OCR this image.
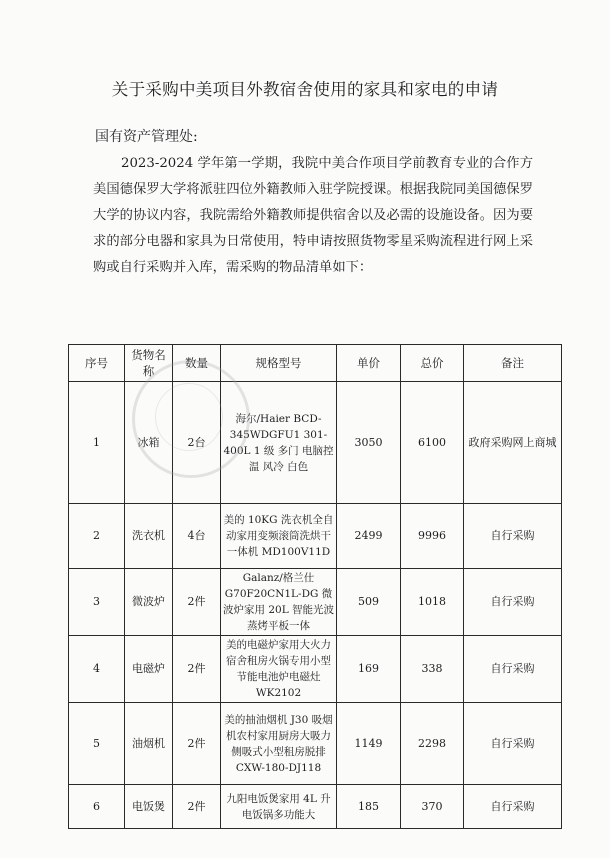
关于采购中美项目外教宿舍使用的家具和家电的申请
国有资产管理处:
2023-2024 学年第一学期，我院中美合作项目学前教育专业的合作方美国德保罗大学将派驻四位外籍教师入驻学院授课。根据我院同美国德保罗大学的协议内容，我院需给外籍教师提供宿舍以及必需的设施设备。因为要求的部分电器和家具为日常使用，特申请按照货物零星采购流程进行网上采购或自行采购并入库，需采购的物品清单如下：
序号	货物名称	数量	规格型号	单价	总价	备注
1	冰箱	2台	海尔/Haier BCD-345WDGFU1 301-400L 1 级 多门 电脑控温 风冷 白色	3050	6100	政府采购网上商城
2	洗衣机	4台	美的 10KG 洗衣机全自动家用变频滚筒洗烘干一体机 MD100V11D	2499	9996	自行采购
3	微波炉	2件	Galanz/格兰仕 G70F20CN1L-DG 微波炉家用 20L 智能光波蒸烤平板一体	509	1018	自行采购
4	电磁炉	2件	美的电磁炉家用大火力宿舍租房火锅专用小型节能电池炉电磁灶 WK2102	169	338	自行采购
5	油烟机	2件	美的抽油烟机 J30 吸烟机农村家用厨房大吸力侧吸式小型租房脱排 CXW-180-DJ118	1149	2298	自行采购
6	电饭煲	2件	九阳电饭煲家用 4L 升电饭锅多功能大	185	370	自行采购
